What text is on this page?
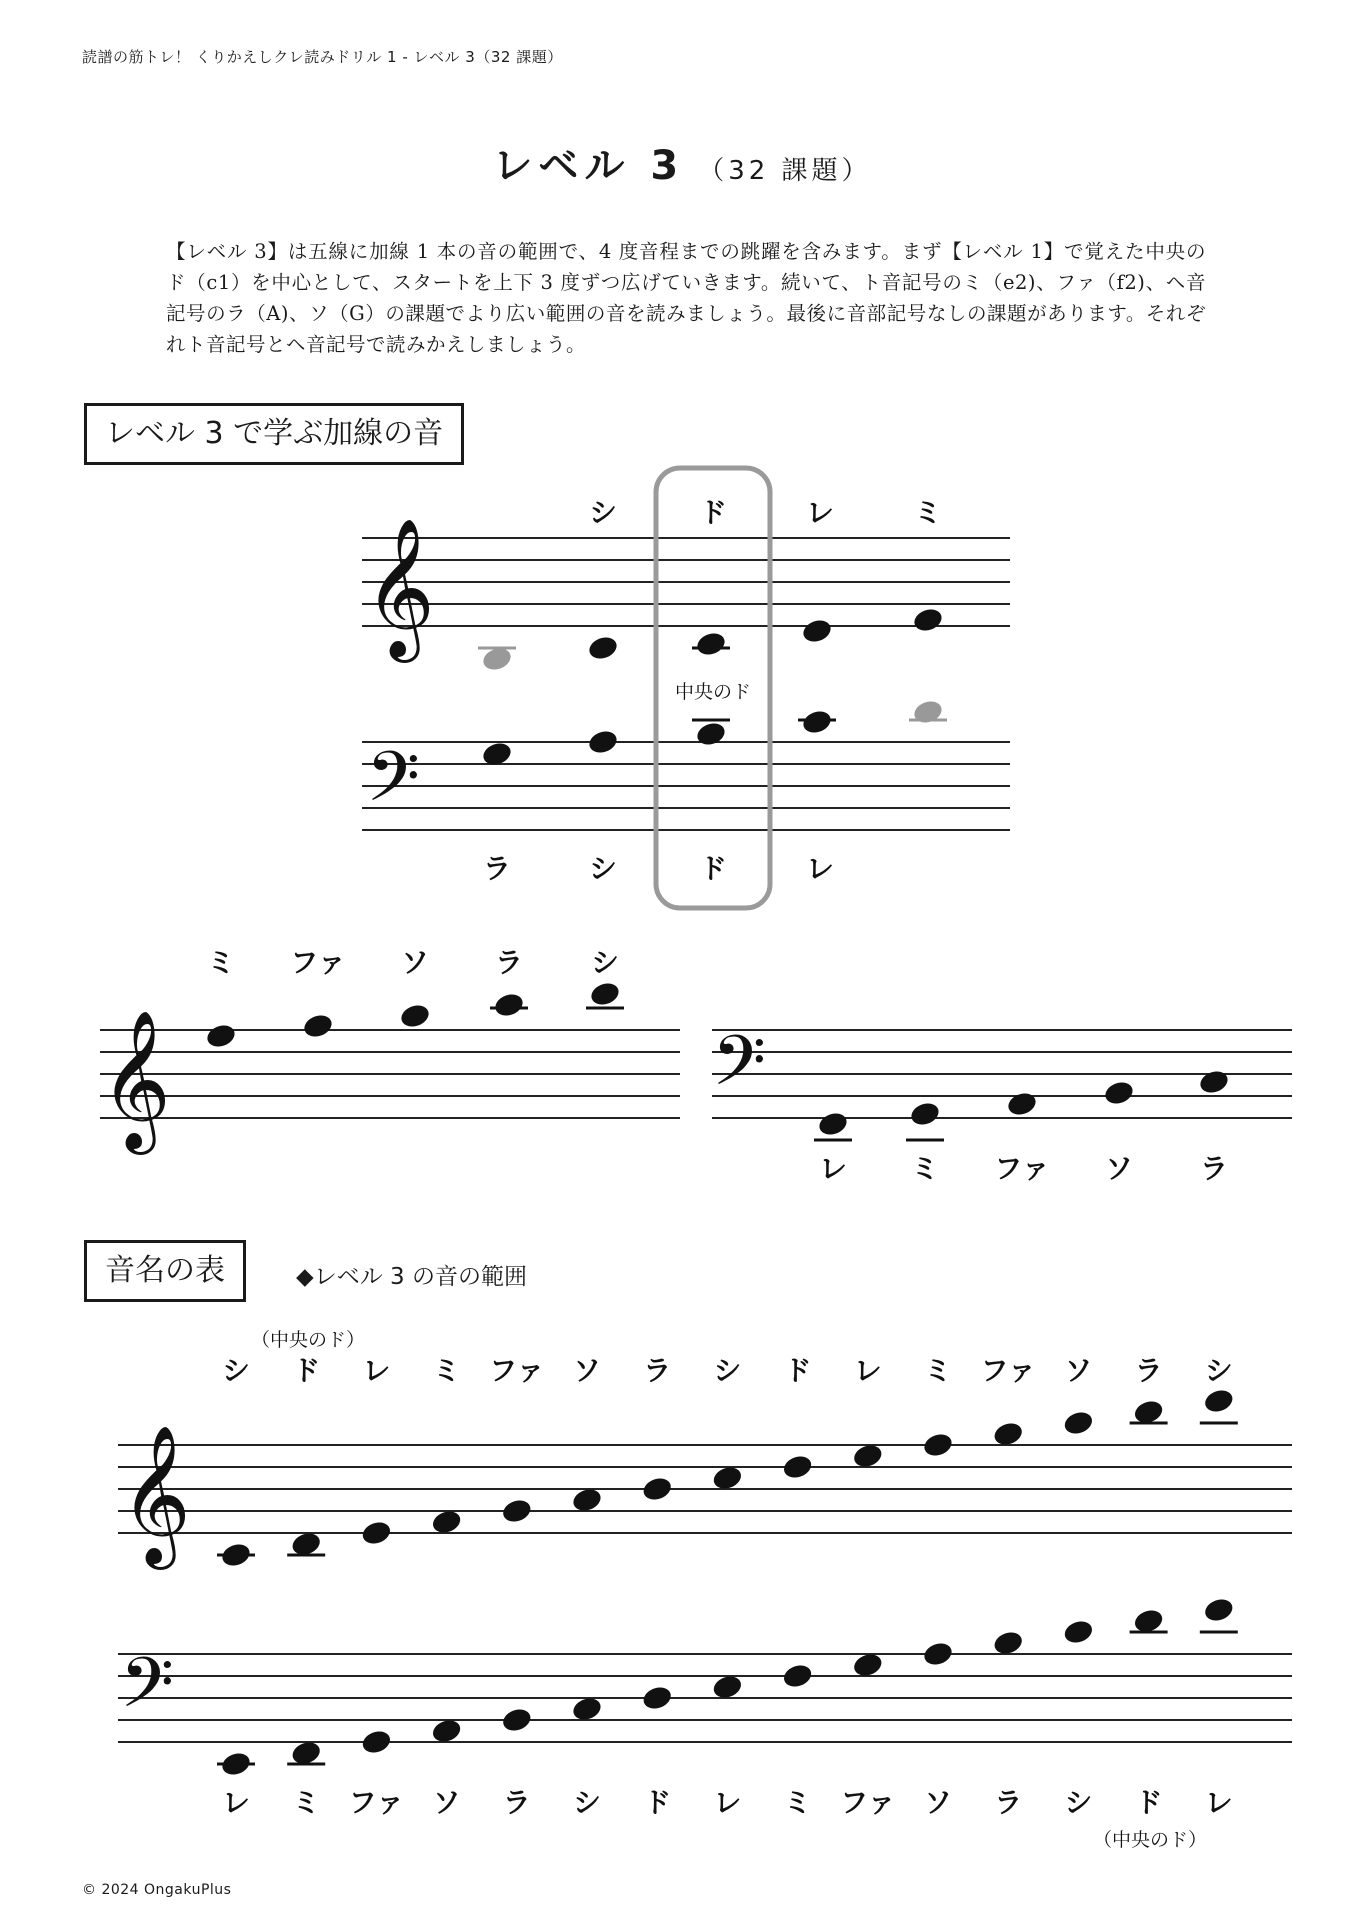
読譜の筋トレ！ くりかえしクレ読みドリル 1 - レベル 3（32 課題）
レベル 3 （32 課題）
【レベル 3】は五線に加線 1 本の音の範囲で、4 度音程までの跳躍を含みます。まず【レベル 1】で覚えた中央のド（c1）を中心として、スタートを上下 3 度ずつ広げていきます。続いて、ト音記号のミ（e2)、ファ（f2)、ヘ音記号のラ（A)、ソ（G）の課題でより広い範囲の音を読みましょう。最後に音部記号なしの課題があります。それぞれト音記号とヘ音記号で読みかえしましょう。
レベル 3 で学ぶ加線の音
音名の表	◆レベル 3 の音の範囲
𝄞
𝄢
中央のド
シ	ド	レ	ミ
ラ	シ	ド	レ
𝄞	𝄢
ミ ファ ソ ラ シ
レ ミ ファ ソ ラ
𝄞
𝄢
（中央のド）
（中央のド）
シ
レ
ド
ミ
レ
ファ
ミ
ソ
ファ
ラ
ソ
シ
ラ
ド
シ
レ
ド
ミ
レ
ファ
ミ
ソ
ファ
ラ
ソ
シ
ラ
ド
シ
レ
© 2024 OngakuPlus
